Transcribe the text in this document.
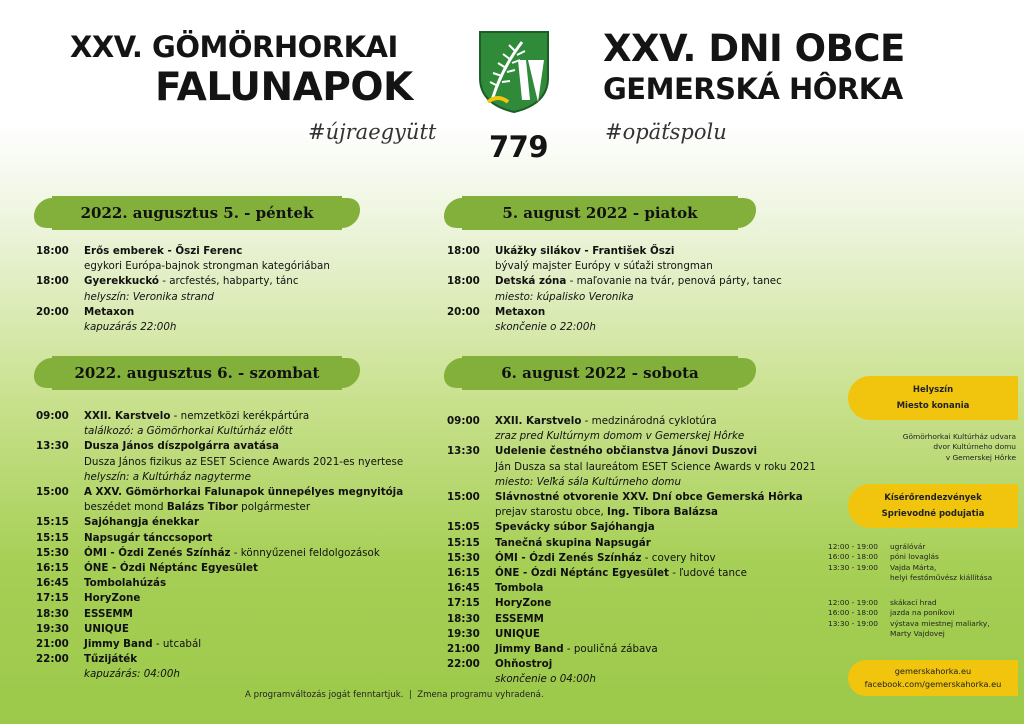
XXV. GÖMÖRHORKAI
FALUNAPOK
#újraegyütt
XXV. DNI OBCE
GEMERSKÁ HÔRKA
#opäťspolu
779
2022. augusztus 5. - péntek	5. august 2022 - piatok
18:00	Erős emberek - Őszi Ferenc
egykori Európa-bajnok strongman kategóriában
18:00	Gyerekkuckó - arcfestés, habparty, tánc
helyszín: Veronika strand
20:00	Metaxon
kapuzárás 22:00h
18:00	Ukážky silákov - František Őszi
bývalý majster Európy v súťaži strongman
18:00	Detská zóna - maľovanie na tvár, penová párty, tanec
miesto: kúpalisko Veronika
20:00	Metaxon
skončenie o 22:00h
2022. augusztus 6. - szombat	6. august 2022 - sobota
09:00	XXII. Karstvelo - nemzetközi kerékpártúra
találkozó: a Gömörhorkai Kultúrház előtt
13:30	Dusza János díszpolgárra avatása
Dusza János fizikus az ESET Science Awards 2021-es nyertese
helyszín: a Kultúrház nagyterme
15:00	A XXV. Gömörhorkai Falunapok ünnepélyes megnyitója
beszédet mond Balázs Tibor polgármester
15:15	Sajóhangja énekkar
15:15	Napsugár tánccsoport
15:30	ÓMI - Ózdi Zenés Színház - könnyűzenei feldolgozások
16:15	ÓNE - Ózdi Néptánc Egyesület
16:45	Tombolahúzás
17:15	HoryZone
18:30	ESSEMM
19:30	UNIQUE
21:00	Jimmy Band - utcabál
22:00	Tűzijáték
kapuzárás: 04:00h
09:00	XXII. Karstvelo - medzinárodná cyklotúra
zraz pred Kultúrnym domom v Gemerskej Hôrke
13:30	Udelenie čestného občianstva Jánovi Duszovi
Ján Dusza sa stal laureátom ESET Science Awards v roku 2021
miesto: Veľká sála Kultúrneho domu
15:00	Slávnostné otvorenie XXV. Dní obce Gemerská Hôrka
prejav starostu obce, Ing. Tibora Balázsa
15:05	Spevácky súbor Sajóhangja
15:15	Tanečná skupina Napsugár
15:30	ÓMI - Ózdi Zenés Színház - covery hitov
16:15	ÓNE - Ózdi Néptánc Egyesület - ľudové tance
16:45	Tombola
17:15	HoryZone
18:30	ESSEMM
19:30	UNIQUE
21:00	Jimmy Band - pouličná zábava
22:00	Ohňostroj
skončenie o 04:00h
Helyszín
Miesto konania
Gömörhorkai Kultúrház udvara
dvor Kultúrneho domu
v Gemerskej Hôrke
Kísérőrendezvények
Sprievodné podujatia
12:00 - 19:00	ugrálóvár
16:00 - 18:00	póni lovaglás
13:30 - 19:00	Vajda Márta,
helyi festőművész kiállítása
12:00 - 19:00	skákací hrad
16:00 - 18:00	jazda na poníkovi
13:30 - 19:00	výstava miestnej maliarky,
Marty Vajdovej
gemerskahorka.eu
facebook.com/gemerskahorka.eu
A programváltozás jogát fenntartjuk.  |  Zmena programu vyhradená.
